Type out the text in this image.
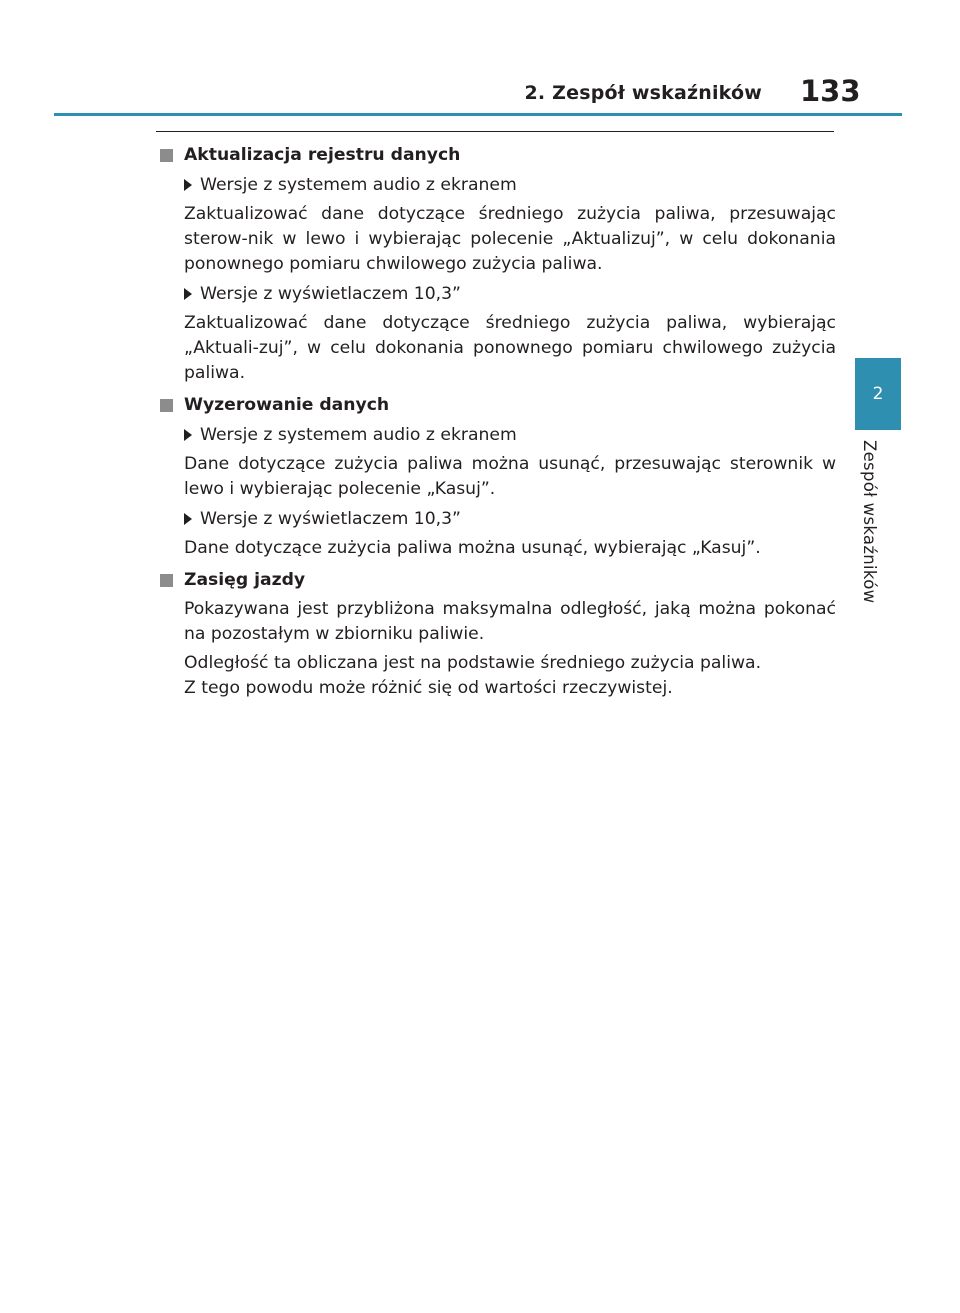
2. Zespół wskaźników 133
2
Zespół wskaźników
Aktualizacja rejestru danych
Wersje z systemem audio z ekranem
Zaktualizować dane dotyczące średniego zużycia paliwa, przesuwając sterow-nik w lewo i wybierając polecenie „Aktualizuj”, w celu dokonania ponownego pomiaru chwilowego zużycia paliwa.
Wersje z wyświetlaczem 10,3”
Zaktualizować dane dotyczące średniego zużycia paliwa, wybierając „Aktuali-zuj”, w celu dokonania ponownego pomiaru chwilowego zużycia paliwa.
Wyzerowanie danych
Wersje z systemem audio z ekranem
Dane dotyczące zużycia paliwa można usunąć, przesuwając sterownik w lewo i wybierając polecenie „Kasuj”.
Wersje z wyświetlaczem 10,3”
Dane dotyczące zużycia paliwa można usunąć, wybierając „Kasuj”.
Zasięg jazdy
Pokazywana jest przybliżona maksymalna odległość, jaką można pokonać na pozostałym w zbiorniku paliwie.
Odległość ta obliczana jest na podstawie średniego zużycia paliwa.
Z tego powodu może różnić się od wartości rzeczywistej.
